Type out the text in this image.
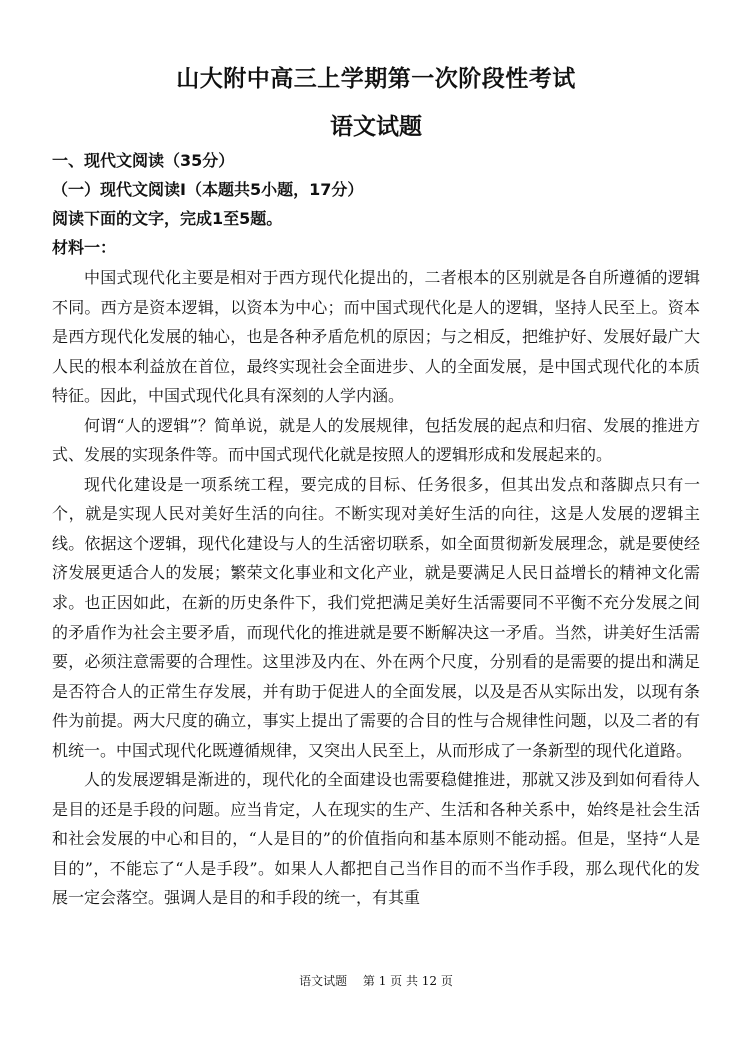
山大附中高三上学期第一次阶段性考试
语文试题
一、现代文阅读（35分）
（一）现代文阅读Ⅰ（本题共5小题，17分）
阅读下面的文字，完成1至5题。
材料一：

中国式现代化主要是相对于西方现代化提出的，二者根本的区别就是各自所遵循的逻辑不同。西方是资本逻辑，以资本为中心；而中国式现代化是人的逻辑，坚持人民至上。资本是西方现代化发展的轴心，也是各种矛盾危机的原因；与之相反，把维护好、发展好最广大人民的根本利益放在首位，最终实现社会全面进步、人的全面发展，是中国式现代化的本质特征。因此，中国式现代化具有深刻的人学内涵。

何谓“人的逻辑”？简单说，就是人的发展规律，包括发展的起点和归宿、发展的推进方式、发展的实现条件等。而中国式现代化就是按照人的逻辑形成和发展起来的。

现代化建设是一项系统工程，要完成的目标、任务很多，但其出发点和落脚点只有一个，就是实现人民对美好生活的向往。不断实现对美好生活的向往，这是人发展的逻辑主线。依据这个逻辑，现代化建设与人的生活密切联系，如全面贯彻新发展理念，就是要使经济发展更适合人的发展；繁荣文化事业和文化产业，就是要满足人民日益增长的精神文化需求。也正因如此，在新的历史条件下，我们党把满足美好生活需要同不平衡不充分发展之间的矛盾作为社会主要矛盾，而现代化的推进就是要不断解决这一矛盾。当然，讲美好生活需要，必须注意需要的合理性。这里涉及内在、外在两个尺度，分别看的是需要的提出和满足是否符合人的正常生存发展，并有助于促进人的全面发展，以及是否从实际出发，以现有条件为前提。两大尺度的确立，事实上提出了需要的合目的性与合规律性问题，以及二者的有机统一。中国式现代化既遵循规律，又突出人民至上，从而形成了一条新型的现代化道路。

人的发展逻辑是渐进的，现代化的全面建设也需要稳健推进，那就又涉及到如何看待人是目的还是手段的问题。应当肯定，人在现实的生产、生活和各种关系中，始终是社会生活和社会发展的中心和目的，“人是目的”的价值指向和基本原则不能动摇。但是，坚持“人是目的”，不能忘了“人是手段”。如果人人都把自己当作目的而不当作手段，那么现代化的发展一定会落空。强调人是目的和手段的统一，有其重

语文试题　 第 1 页 共 12 页
